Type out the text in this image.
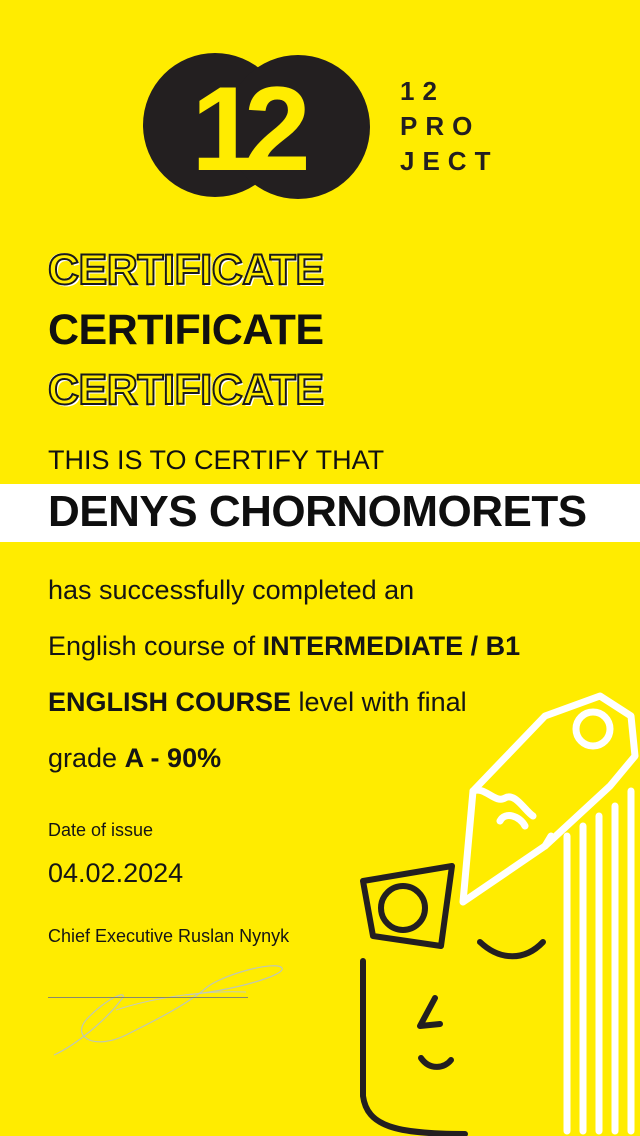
12	12
PRO
JECT
CERTIFICATE
CERTIFICATE
CERTIFICATE
THIS IS TO CERTIFY THAT
DENYS CHORNOMORETS
has successfully completed an
English course of INTERMEDIATE / B1
ENGLISH COURSE level with final
grade A - 90%
Date of issue
04.02.2024
Chief Executive Ruslan Nynyk
